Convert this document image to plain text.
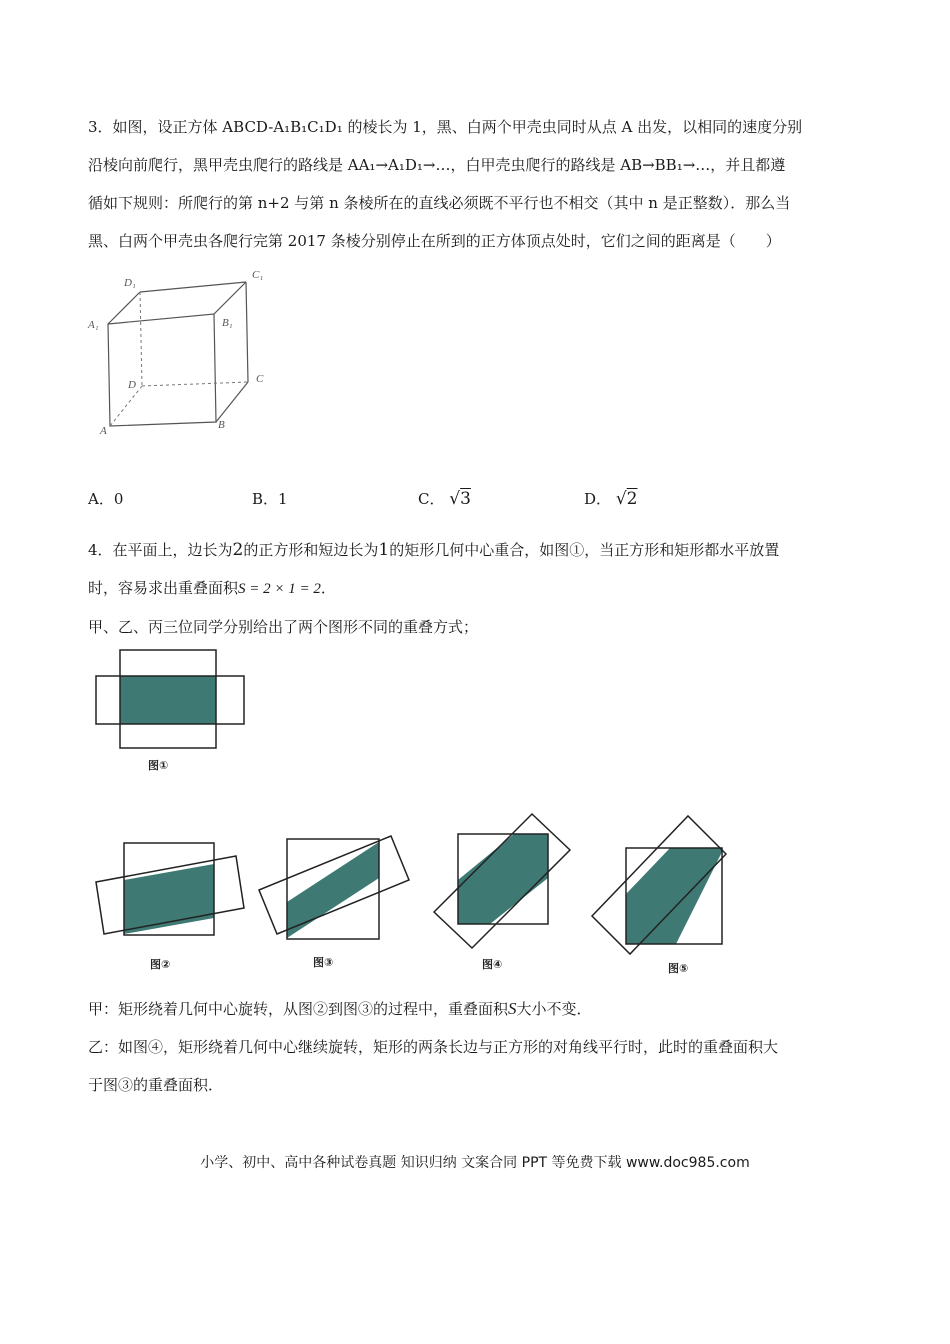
3．如图，设正方体 ABCD-A₁B₁C₁D₁ 的棱长为 1，黑、白两个甲壳虫同时从点 A 出发，以相同的速度分别
沿棱向前爬行，黑甲壳虫爬行的路线是 AA₁→A₁D₁→…，白甲壳虫爬行的路线是 AB→BB₁→…，并且都遵
循如下规则：所爬行的第 n+2 与第 n 条棱所在的直线必须既不平行也不相交（其中 n 是正整数）．那么当
黑、白两个甲壳虫各爬行完第 2017 条棱分别停止在所到的正方体顶点处时，它们之间的距离是（　　）
D₁
C₁
A₁	B₁
D	C
A	B
A．0	B．1	C． √3	D． √2
4．在平面上，边长为2的正方形和短边长为1的矩形几何中心重合，如图①，当正方形和矩形都水平放置
时，容易求出重叠面积S = 2 × 1 = 2．
甲、乙、丙三位同学分别给出了两个图形不同的重叠方式；
图①
图②	图③	图④	图⑤
甲：矩形绕着几何中心旋转，从图②到图③的过程中，重叠面积S大小不变．
乙：如图④，矩形绕着几何中心继续旋转，矩形的两条长边与正方形的对角线平行时，此时的重叠面积大
于图③的重叠面积．
小学、初中、高中各种试卷真题 知识归纳 文案合同 PPT 等免费下载 www.doc985.com
